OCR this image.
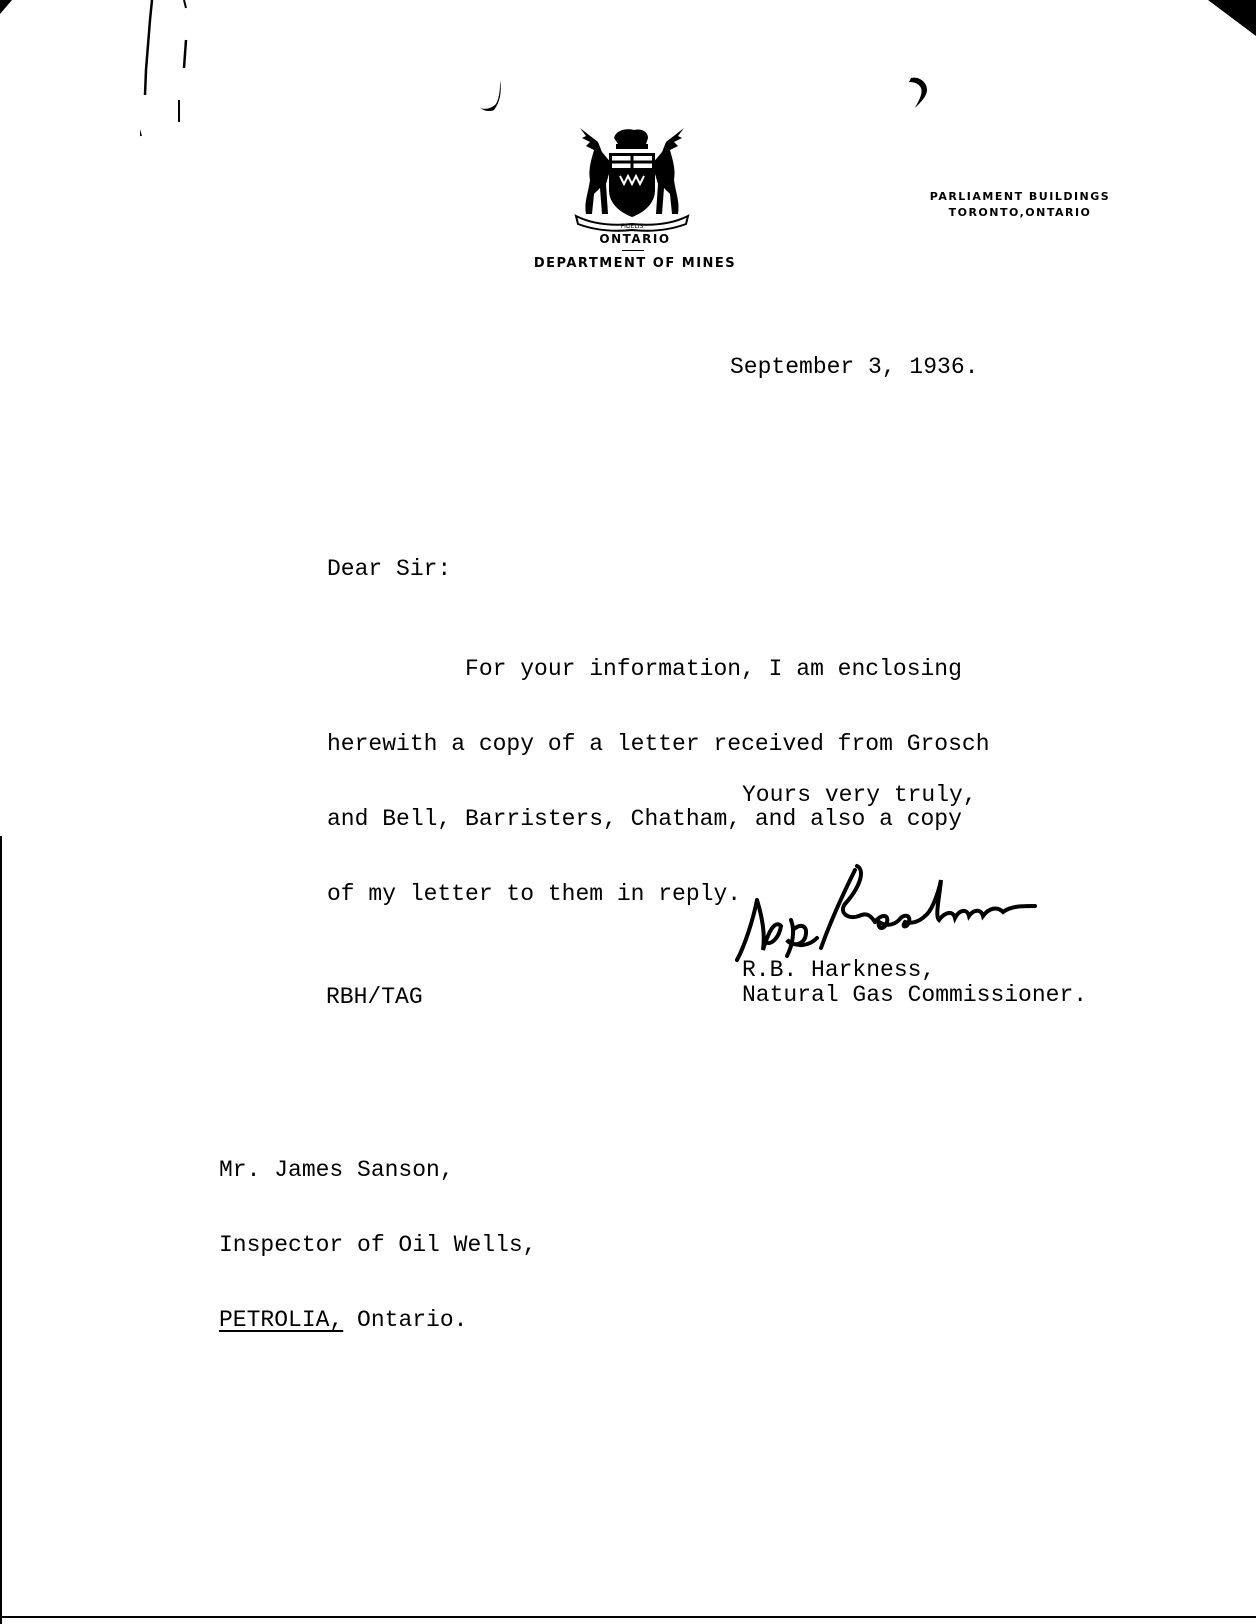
FIDELIS
ONTARIO
DEPARTMENT OF MINES
PARLIAMENT BUILDINGS
TORONTO,ONTARIO
September 3, 1936.
Dear Sir:

For your information, I am enclosing

herewith a copy of a letter received from Grosch

and Bell, Barristers, Chatham, and also a copy

of my letter to them in reply.

Yours very truly,
R.B. Harkness,
Natural Gas Commissioner.
RBH/TAG

Mr. James Sanson,

Inspector of Oil Wells,

PETROLIA, Ontario.
